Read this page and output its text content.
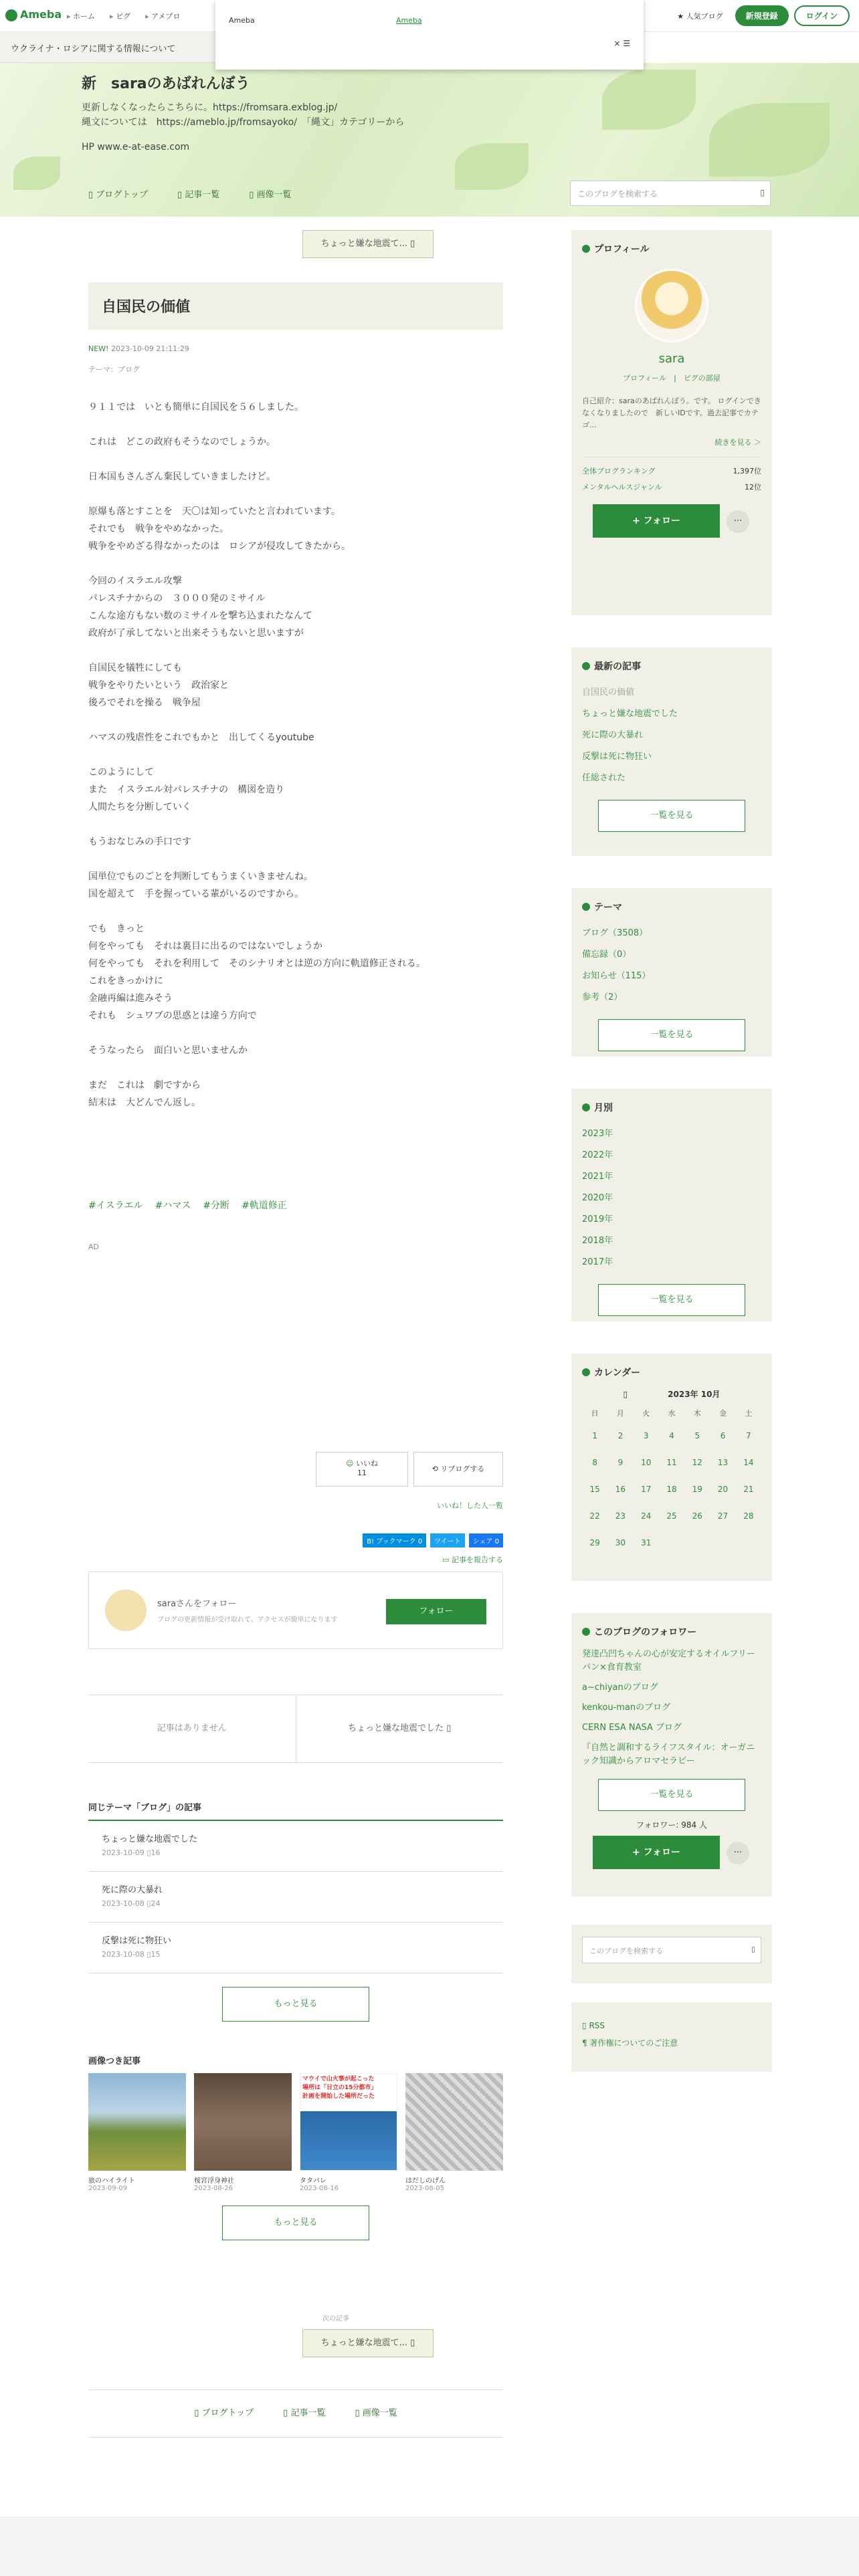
Ameba	▸ ホーム	▸ ピグ	▸ アメプロ	★ 人気ブログ	新規登録	ログイン
Ameba	Ameba
× ☰
ウクライナ・ロシアに関する情報について
新　saraのあばれんぼう
更新しなくなったらこちらに。https://fromsara.exblog.jp/
縄文については　https://ameblo.jp/fromsayoko/　「縄文」カテゴリーから
HP www.e-at-ease.com
▯ ブログトップ	▯ 記事一覧	▯ 画像一覧	このブログを検索する	▯
ちょっと嫌な地震て... ▯
自国民の価値
NEW! 2023-10-09 21:11:29
テーマ：ブログ
９１１では　いとも簡単に自国民を５６しました。

これは　どこの政府もそうなのでしょうか。

日本国もさんざん棄民していきましたけど。

原爆も落とすことを　天〇は知っていたと言われています。
それでも　戦争をやめなかった。
戦争をやめざる得なかったのは　ロシアが侵攻してきたから。

今回のイスラエル攻撃
パレスチナからの　３０００発のミサイル
こんな途方もない数のミサイルを撃ち込まれたなんて
政府が了承してないと出来そうもないと思いますが

自国民を犠牲にしても
戦争をやりたいという　政治家と
後ろでそれを操る　戦争屋

ハマスの残虐性をこれでもかと　出してくるyoutube

このようにして
また　イスラエル対パレスチナの　構図を造り
人間たちを分断していく

もうおなじみの手口です

国単位でものごとを判断してもうまくいきませんね。
国を超えて　手を握っている輩がいるのですから。

でも　きっと
何をやっても　それは裏目に出るのではないでしょうか
何をやっても　それを利用して　そのシナリオとは逆の方向に軌道修正される。
これをきっかけに
金融再編は進みそう
それも　シュワブの思惑とは違う方向で

そうなったら　面白いと思いませんか

まだ　これは　劇ですから
結末は　大どんでん返し。
#イスラエル #ハマス #分断 #軌道修正
AD
☺ いいね
11	⟲ リブログする
いいね！した人一覧
B! ブックマーク 0	ツイート	シェア 0
▭ 記事を報告する
saraさんをフォロー
ブログの更新情報が受け取れて、アクセスが簡単になります
フォロー
記事はありません	ちょっと嫌な地震でした ▯
同じテーマ「ブログ」の記事
ちょっと嫌な地震でした
2023-10-09 ▯16
死に際の大暴れ
2023-10-08 ▯24
反撃は死に物狂い
2023-10-08 ▯15
もっと見る
画像つき記事
旅のハイライト
2023-09-09
桜宮浮身神社
2023-08-26
マウイで山火事が起こった
場所は「日立の15分都市」
計画を開始した場所だった
タタパレ
2023-08-16
はだしのげん
2023-08-05
もっと見る
次の記事
ちょっと嫌な地震て... ▯
▯ ブログトップ	▯ 記事一覧	▯ 画像一覧
プロフィール
sara
プロフィール　|　ピグの部屋
自己紹介：saraのあばれんぼう。です。 ログインできなくなりましたので　新しいIDです。過去記事でカテゴ...
続きを見る ＞
全体ブログランキング	1,397位
メンタルヘルスジャンル	12位
+ フォロー	···
最新の記事
自国民の価値
ちょっと嫌な地震でした
死に際の大暴れ
反撃は死に物狂い
任総された
一覧を見る
テーマ
ブログ（3508）
備忘録（0）
お知らせ（115）
参考（2）
一覧を見る
月別
2023年
2022年
2021年
2020年
2019年
2018年
2017年
一覧を見る
カレンダー
▯	2023年 10月
日	月	火	水	木	金	土
1	2	3	4	5	6	7
8	9	10	11	12	13	14
15	16	17	18	19	20	21
22	23	24	25	26	27	28
29	30	31				
このブログのフォロワー
発達凸凹ちゃんの心が安定するオイルフリーパン×食育教室
a~chiyanのブログ
kenkou-manのブログ
CERN ESA NASA ブログ
『自然と調和するライフスタイル：オーガニック知識からアロマセラピー
一覧を見る
フォロワー: 984 人
+ フォロー	···
このブログを検索する	▯
▯ RSS
¶ 著作権についてのご注意
